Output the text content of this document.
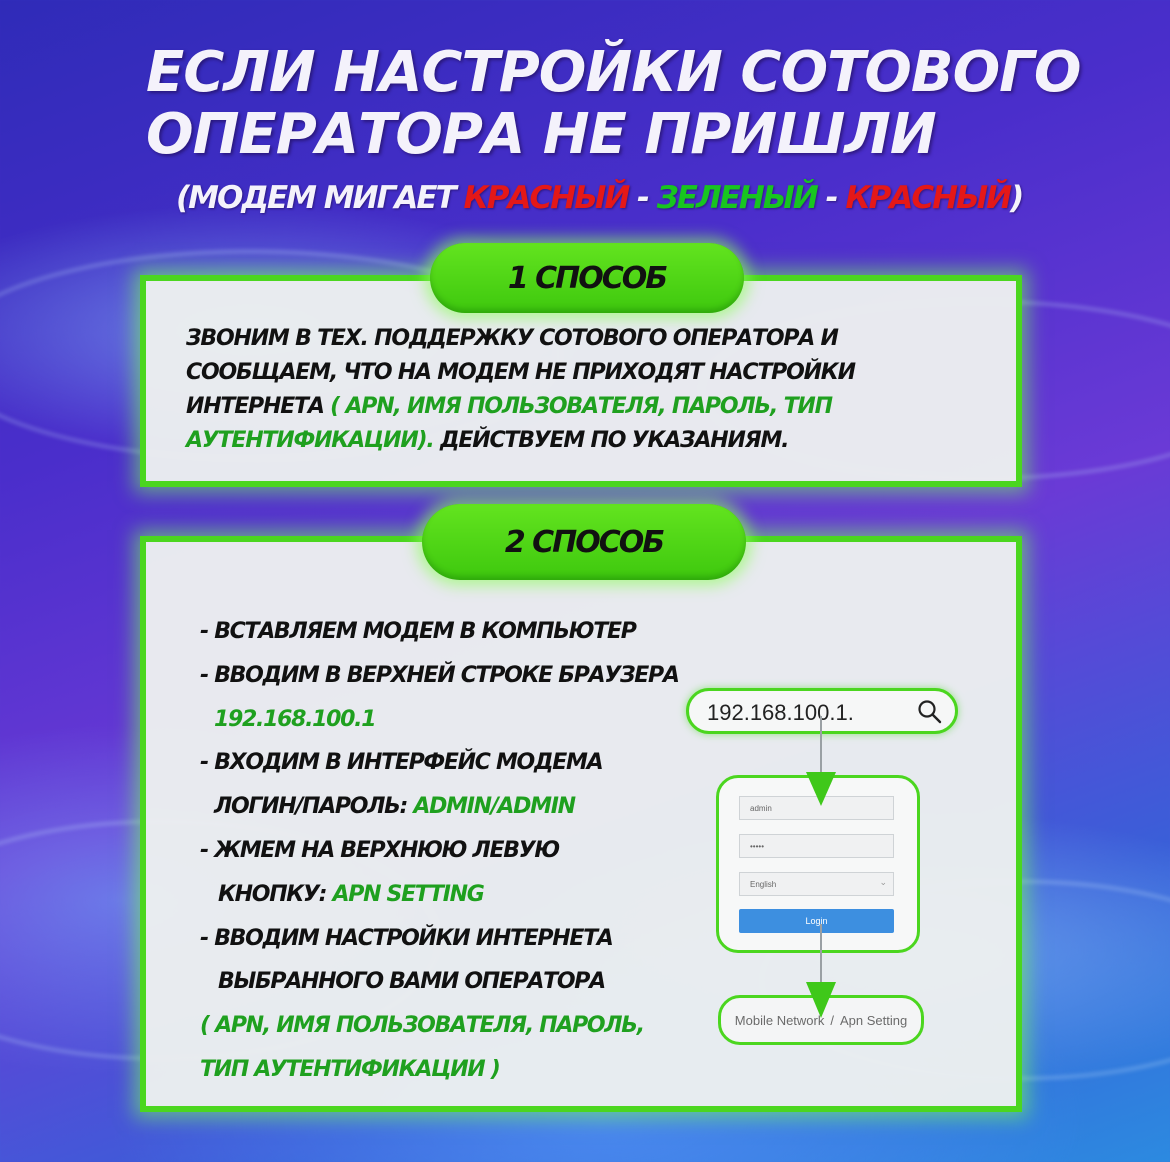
ЕСЛИ НАСТРОЙКИ СОТОВОГО
ОПЕРАТОРА НЕ ПРИШЛИ
(МОДЕМ МИГАЕТ КРАСНЫЙ - ЗЕЛЕНЫЙ - КРАСНЫЙ)
1 СПОСОБ
ЗВОНИМ В ТЕХ. ПОДДЕРЖКУ СОТОВОГО ОПЕРАТОРА И СООБЩАЕМ, ЧТО НА МОДЕМ НЕ ПРИХОДЯТ НАСТРОЙКИ ИНТЕРНЕТА ( APN, ИМЯ ПОЛЬЗОВАТЕЛЯ, ПАРОЛЬ, ТИП АУТЕНТИФИКАЦИИ). ДЕЙСТВУЕМ ПО УКАЗАНИЯМ.
2 СПОСОБ
- ВСТАВЛЯЕМ МОДЕМ В КОМПЬЮТЕР
- ВВОДИМ В ВЕРХНЕЙ СТРОКЕ БРАУЗЕРА
192.168.100.1
- ВХОДИМ В ИНТЕРФЕЙС МОДЕМА
ЛОГИН/ПАРОЛЬ: ADMIN/ADMIN
- ЖМЕМ НА ВЕРХНЮЮ ЛЕВУЮ
КНОПКУ: APN SETTING
- ВВОДИМ НАСТРОЙКИ ИНТЕРНЕТА
ВЫБРАННОГО ВАМИ ОПЕРАТОРА
( APN, ИМЯ ПОЛЬЗОВАТЕЛЯ, ПАРОЛЬ,
ТИП АУТЕНТИФИКАЦИИ )
192.168.100.1.
admin
•••••
English	⌄
Login
Mobile Network / Apn Setting
